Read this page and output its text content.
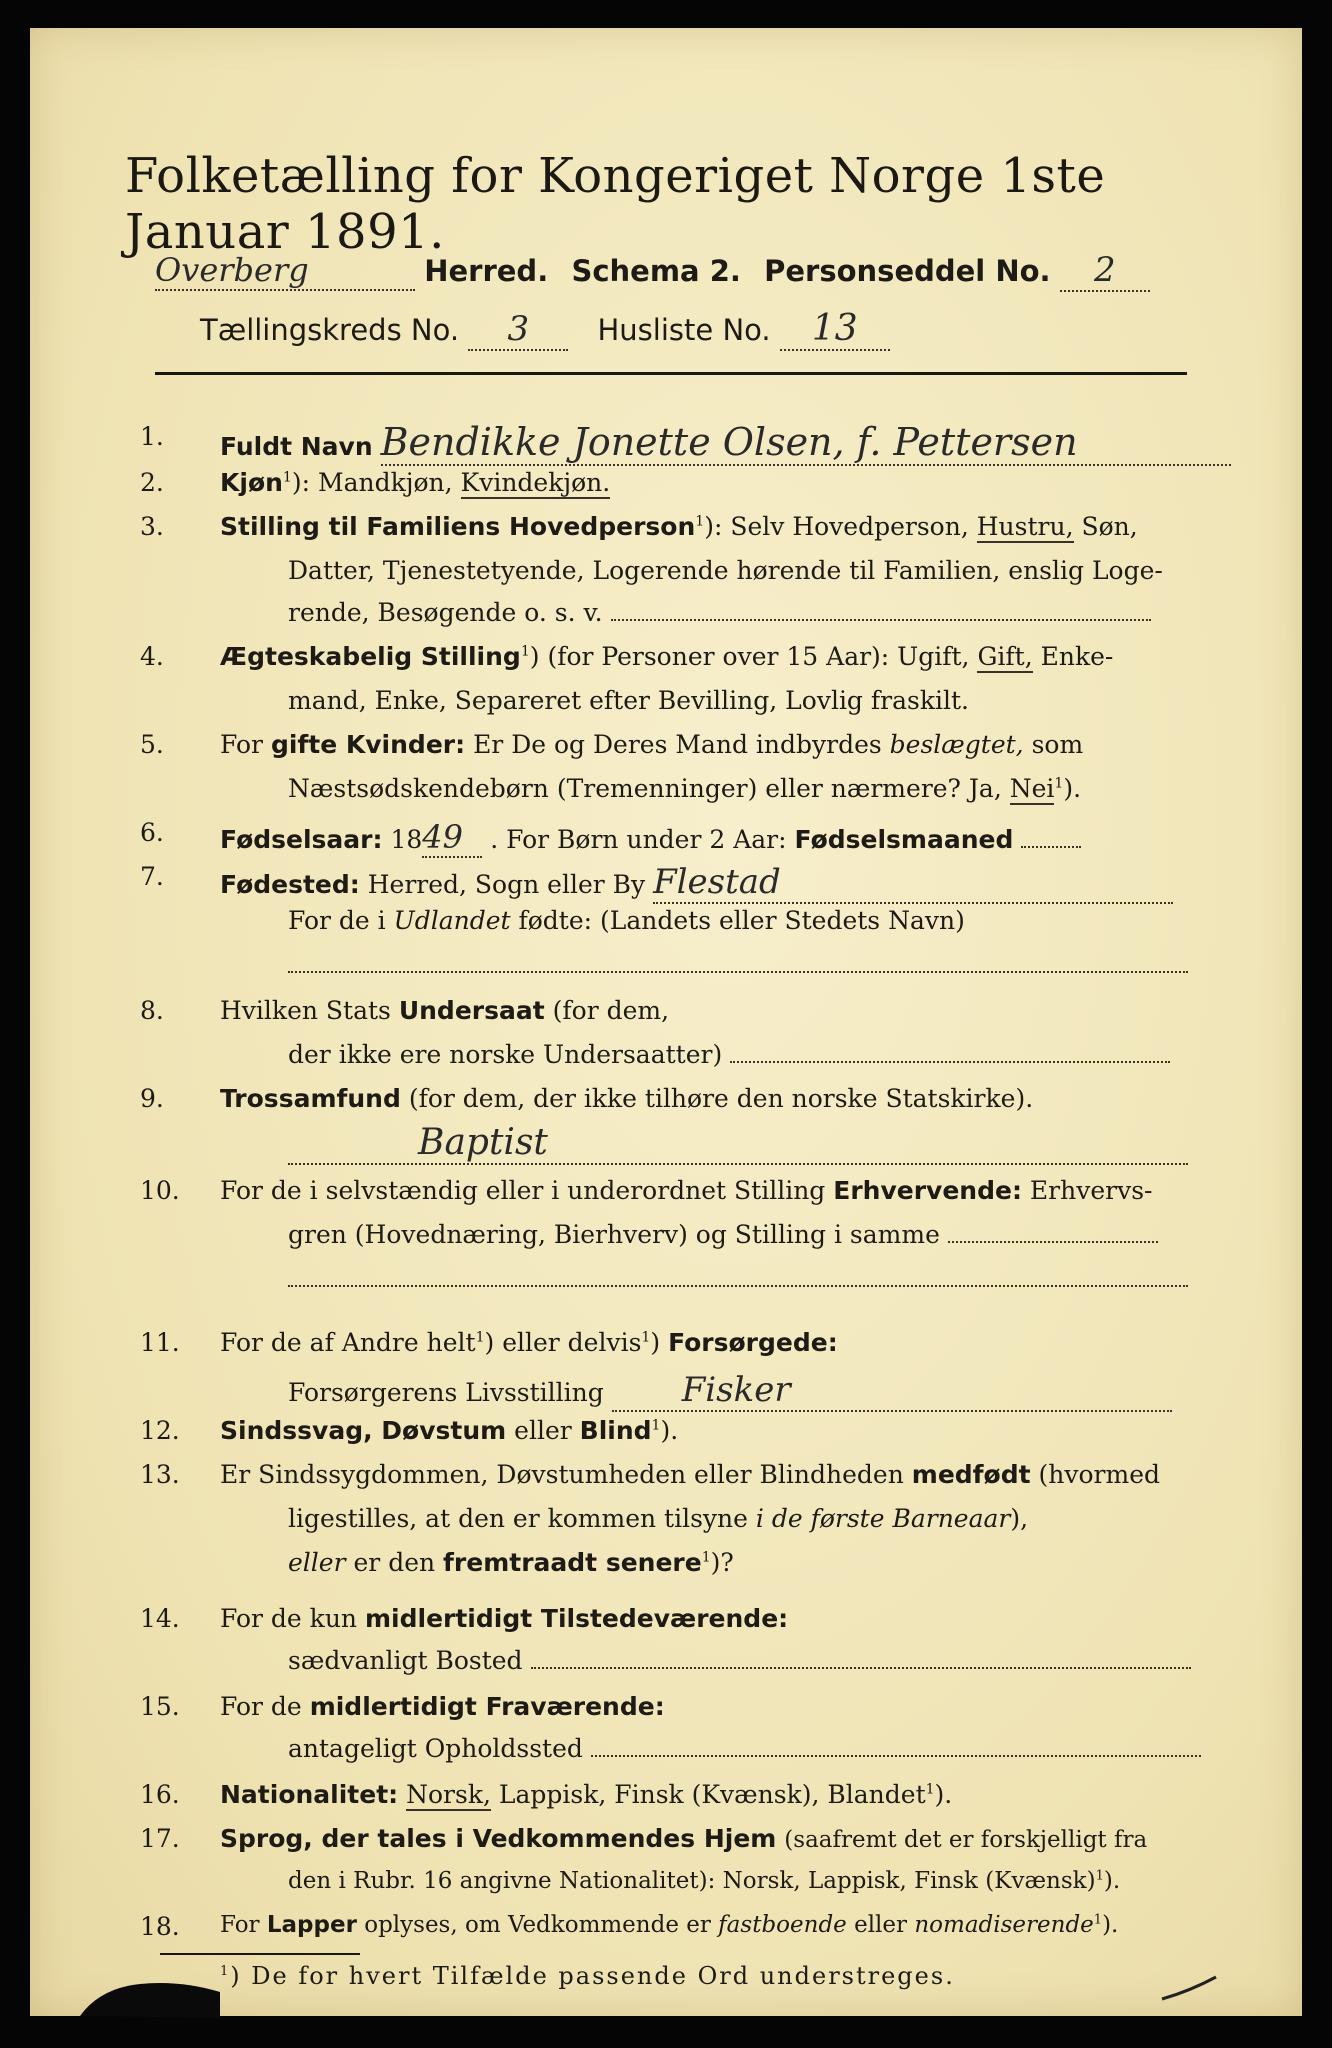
Folketælling for Kongeriget Norge 1ste Januar 1891.
Overberg	Herred. Schema 2. Personseddel No. 2
Tællingskreds No. 3 Husliste No. 13
1. Fuldt Navn Bendikke Jonette Olsen, f. Pettersen
2. Kjøn$^1$): Mandkjøn, Kvindekjøn.
3. Stilling til Familiens Hovedperson$^1$): Selv Hovedperson, Hustru, Søn,
Datter, Tjenestetyende, Logerende hørende til Familien, enslig Loge-
rende, Besøgende o. s. v.
4. Ægteskabelig Stilling$^1$) (for Personer over 15 Aar): Ugift, Gift, Enke-
mand, Enke, Separeret efter Bevilling, Lovlig fraskilt.
5. For gifte Kvinder: Er De og Deres Mand indbyrdes beslægtet, som
Næstsødskendebørn (Tremenninger) eller nærmere? Ja, Nei$^1$).
6. Fødselsaar: 1849 . For Børn under 2 Aar: Fødselsmaaned
7. Fødested: Herred, Sogn eller By Flestad
For de i Udlandet fødte: (Landets eller Stedets Navn)
8. Hvilken Stats Undersaat (for dem,
der ikke ere norske Undersaatter)
9. Trossamfund (for dem, der ikke tilhøre den norske Statskirke).
Baptist
10. For de i selvstændig eller i underordnet Stilling Erhvervende: Erhvervs-
gren (Hovednæring, Bierhverv) og Stilling i samme
11. For de af Andre helt$^1$) eller delvis$^1$) Forsørgede:
Forsørgerens Livsstilling Fisker
12. Sindssvag, Døvstum eller Blind$^1$).
13. Er Sindssygdommen, Døvstumheden eller Blindheden medfødt (hvormed
ligestilles, at den er kommen tilsyne i de første Barneaar),
eller er den fremtraadt senere$^1$)?
14. For de kun midlertidigt Tilstedeværende:
sædvanligt Bosted
15. For de midlertidigt Fraværende:
antageligt Opholdssted
16. Nationalitet: Norsk, Lappisk, Finsk (Kvænsk), Blandet$^1$).
17. Sprog, der tales i Vedkommendes Hjem (saafremt det er forskjelligt fra
den i Rubr. 16 angivne Nationalitet): Norsk, Lappisk, Finsk (Kvænsk)$^1$).
18. For Lapper oplyses, om Vedkommende er fastboende eller nomadiserende$^1$).
$^1$) De for hvert Tilfælde passende Ord understreges.
